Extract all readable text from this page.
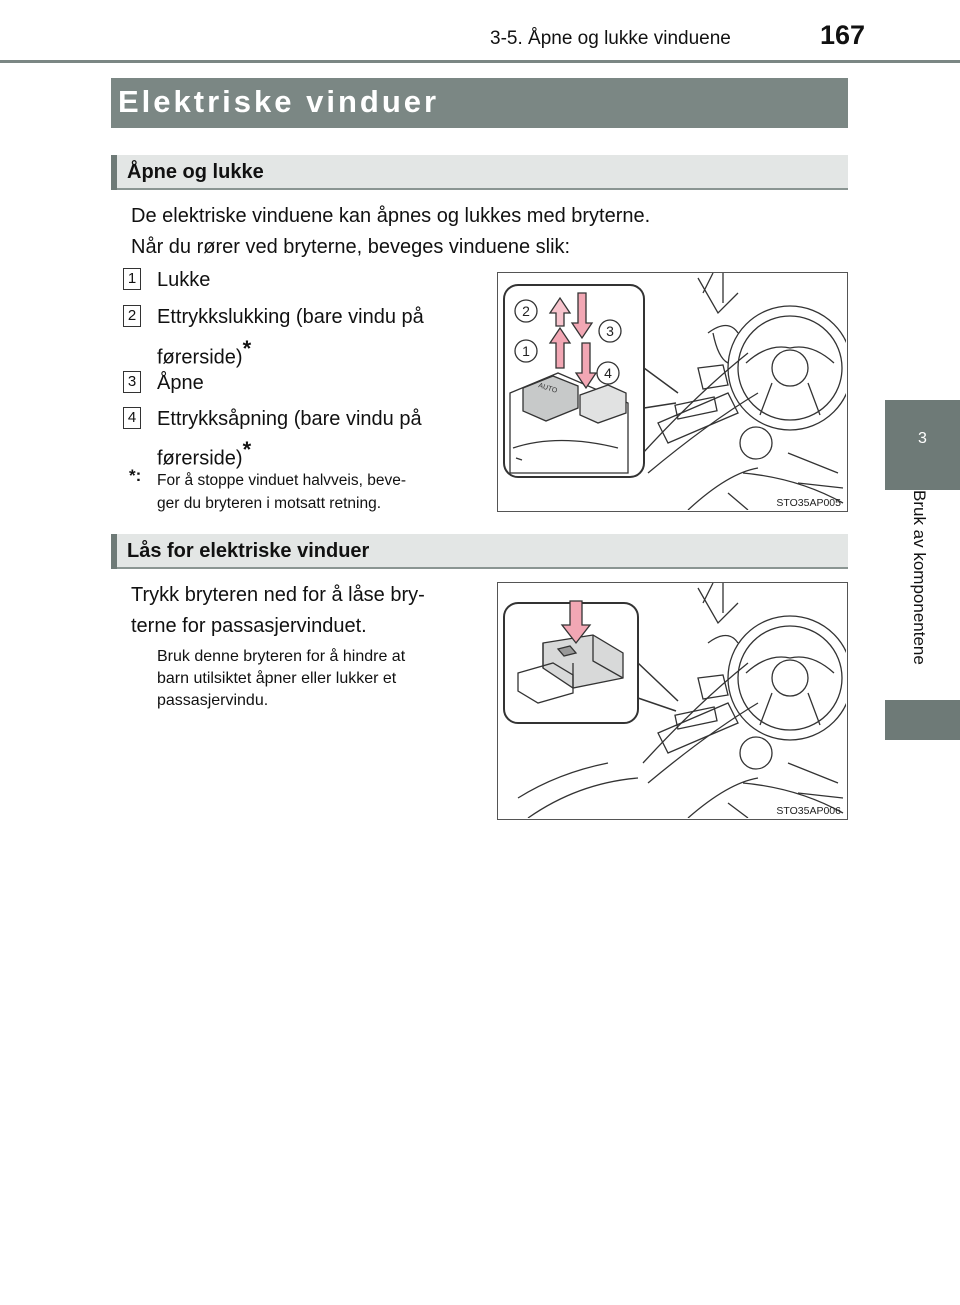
3-5. Åpne og lukke vinduene	167
3
Bruk av komponentene
Elektriske vinduer
Åpne og lukke
De elektriske vinduene kan åpnes og lukkes med bryterne.
Når du rører ved bryterne, beveges vinduene slik:
1 Lukke
2 Ettrykkslukking (bare vindu på
førerside)*
3 Åpne
4 Ettrykksåpning (bare vindu på
førerside)*
*: For å stoppe vinduet halvveis, beve-
ger du bryteren i motsatt retning.
AUTO
1
2
3
4
STO35AP005
Lås for elektriske vinduer
Trykk bryteren ned for å låse bry-
terne for passasjervinduet.
Bruk denne bryteren for å hindre at
barn utilsiktet åpner eller lukker et
passasjervindu.
STO35AP006
